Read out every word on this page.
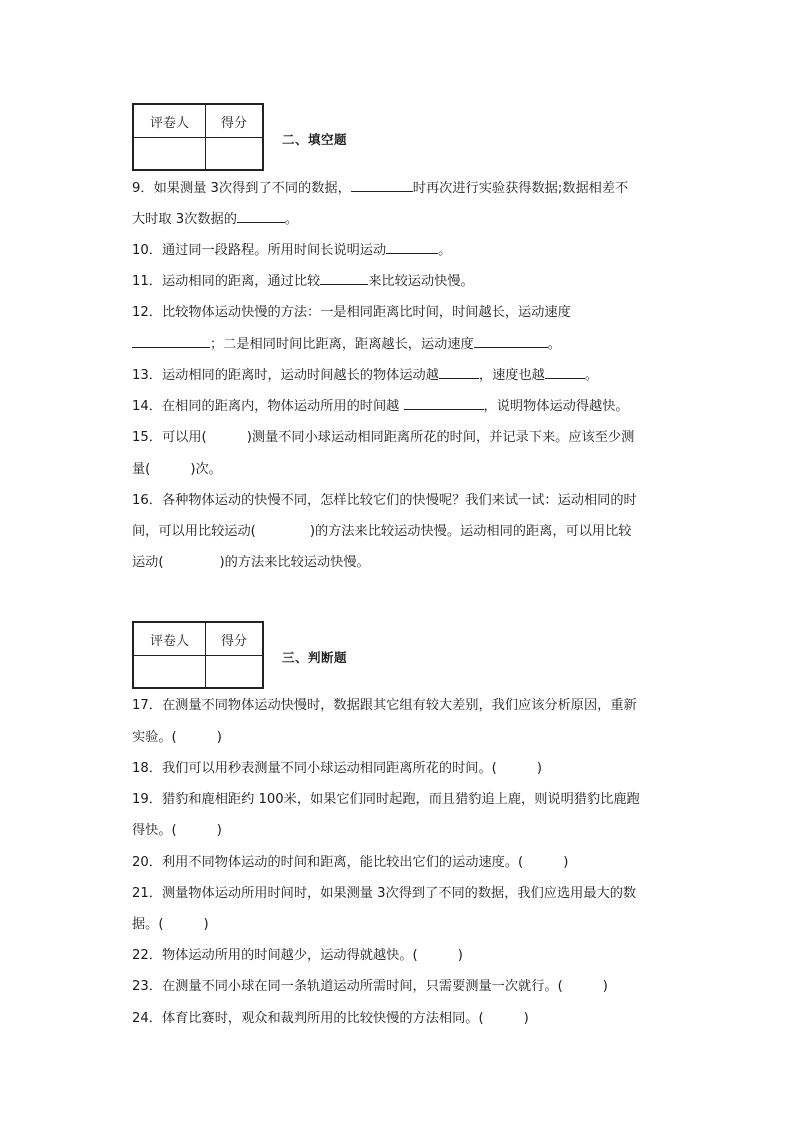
评卷人	得分
二、填空题

9．如果测量 3次得到了不同的数据，	时再次进行实验获得数据;数据相差不

大时取 3次数据的	。

10．通过同一段路程。所用时间长说明运动	。

11．运动相同的距离，通过比较	来比较运动快慢。

12．比较物体运动快慢的方法：一是相同距离比时间，时间越长，运动速度

；二是相同时间比距离，距离越长，运动速度	。

13．运动相同的距离时，运动时间越长的物体运动越	，速度也越	。

14．在相同的距离内，物体运动所用的时间越	，说明物体运动得越快。

15．可以用(	)测量不同小球运动相同距离所花的时间，并记录下来。应该至少测

量(	)次。

16．各种物体运动的快慢不同，怎样比较它们的快慢呢？我们来试一试：运动相同的时

间，可以用比较运动(	)的方法来比较运动快慢。运动相同的距离，可以用比较

运动(	)的方法来比较运动快慢。

评卷人	得分
三、判断题

17．在测量不同物体运动快慢时，数据跟其它组有较大差别，我们应该分析原因，重新

实验。(	)

18．我们可以用秒表测量不同小球运动相同距离所花的时间。(	)

19．猎豹和鹿相距约 100米，如果它们同时起跑，而且猎豹追上鹿，则说明猎豹比鹿跑

得快。(	)

20．利用不同物体运动的时间和距离，能比较出它们的运动速度。(	)

21．测量物体运动所用时间时，如果测量 3次得到了不同的数据，我们应选用最大的数

据。(	)

22．物体运动所用的时间越少，运动得就越快。(	)

23．在测量不同小球在同一条轨道运动所需时间，只需要测量一次就行。(	)

24．体育比赛时，观众和裁判所用的比较快慢的方法相同。(	)
